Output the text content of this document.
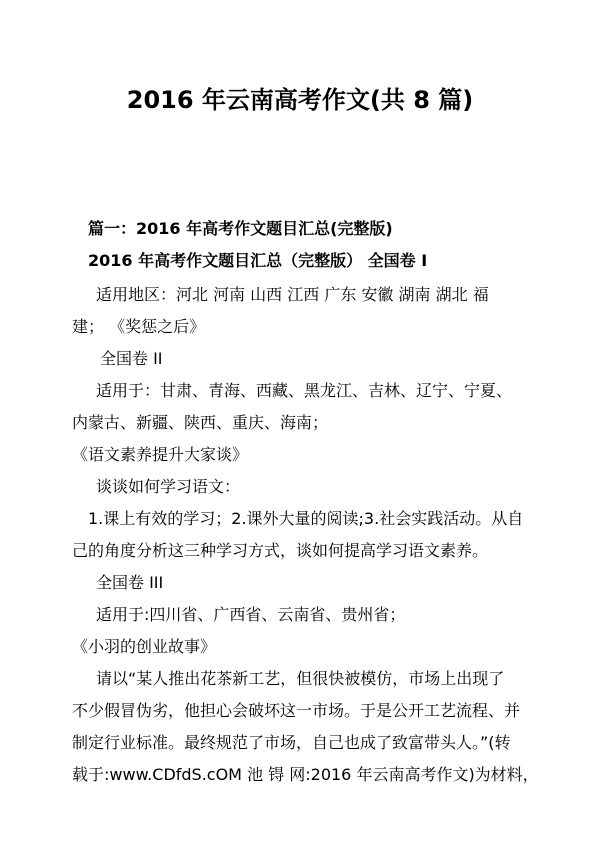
2016 年云南高考作文(共 8 篇)
篇一：2016 年高考作文题目汇总(完整版)
2016 年高考作文题目汇总（完整版） 全国卷 I
适用地区：河北 河南 山西 江西 广东 安徽 湖南 湖北 福
建； 《奖惩之后》
全国卷 II
适用于：甘肃、青海、西藏、黑龙江、吉林、辽宁、宁夏、
内蒙古、新疆、陕西、重庆、海南；
《语文素养提升大家谈》
谈谈如何学习语文：
1.课上有效的学习；2.课外大量的阅读;3.社会实践活动。从自
己的角度分析这三种学习方式，谈如何提高学习语文素养。
全国卷 III
适用于:四川省、广西省、云南省、贵州省；
《小羽的创业故事》
请以“某人推出花茶新工艺，但很快被模仿，市场上出现了
不少假冒伪劣，他担心会破坏这一市场。于是公开工艺流程、并
制定行业标准。最终规范了市场，自己也成了致富带头人。”(转
载于:www.CDfdS.cOM 池 锝 网:2016 年云南高考作文)为材料，
